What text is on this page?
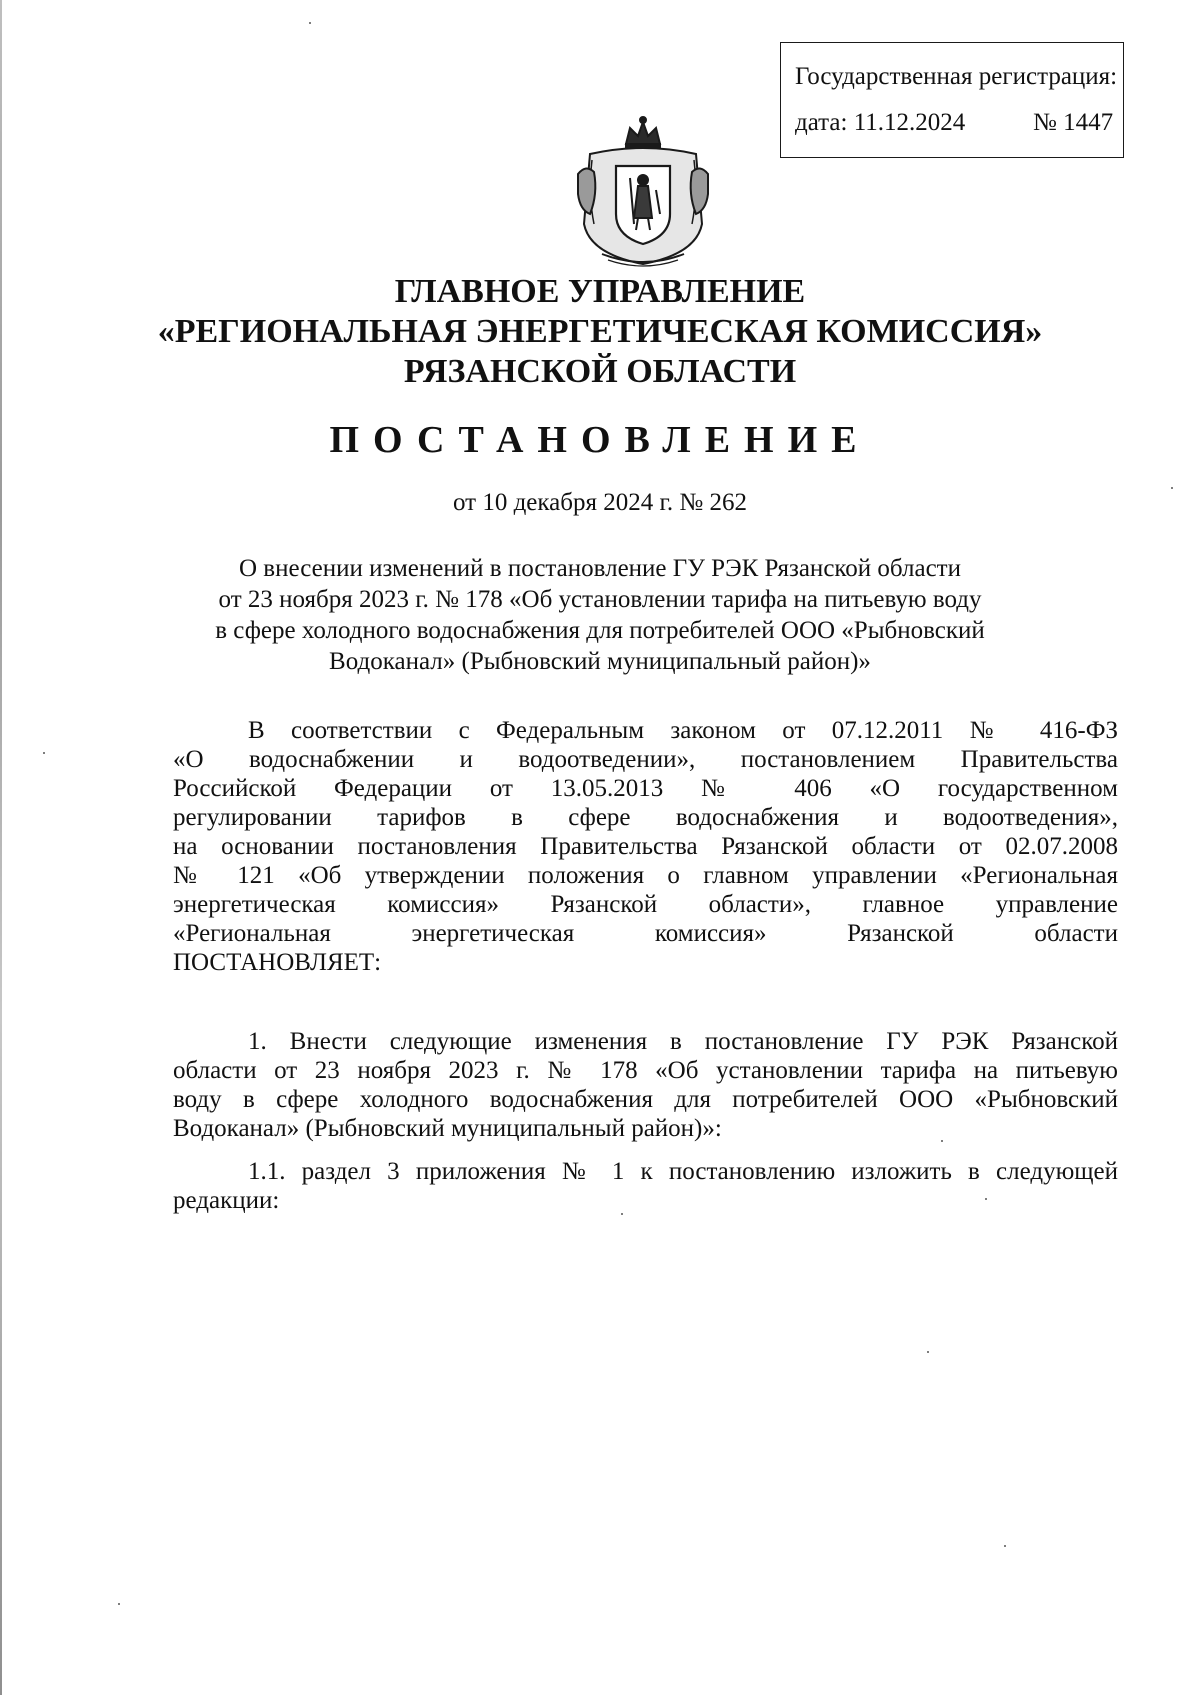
Государственная регистрация:
дата: 11.12.2024	№ 1447
ГЛАВНОЕ УПРАВЛЕНИЕ
«РЕГИОНАЛЬНАЯ ЭНЕРГЕТИЧЕСКАЯ КОМИССИЯ»
РЯЗАНСКОЙ ОБЛАСТИ
ПОСТАНОВЛЕНИЕ
от 10 декабря 2024 г. № 262
О внесении изменений в постановление ГУ РЭК Рязанской области
от 23 ноября 2023 г. № 178 «Об установлении тарифа на питьевую воду
в сфере холодного водоснабжения для потребителей ООО «Рыбновский
Водоканал» (Рыбновский муниципальный район)»
В соответствии с Федеральным законом от 07.12.2011 № 416-ФЗ
«О водоснабжении и водоотведении», постановлением Правительства
Российской Федерации от 13.05.2013 № 406 «О государственном
регулировании тарифов в сфере водоснабжения и водоотведения»,
на основании постановления Правительства Рязанской области от 02.07.2008
№ 121 «Об утверждении положения о главном управлении «Региональная
энергетическая комиссия» Рязанской области», главное управление
«Региональная энергетическая комиссия» Рязанской области
ПОСТАНОВЛЯЕТ:
1. Внести следующие изменения в постановление ГУ РЭК Рязанской
области от 23 ноября 2023 г. № 178 «Об установлении тарифа на питьевую
воду в сфере холодного водоснабжения для потребителей ООО «Рыбновский
Водоканал» (Рыбновский муниципальный район)»:
1.1. раздел 3 приложения № 1 к постановлению изложить в следующей
редакции:
